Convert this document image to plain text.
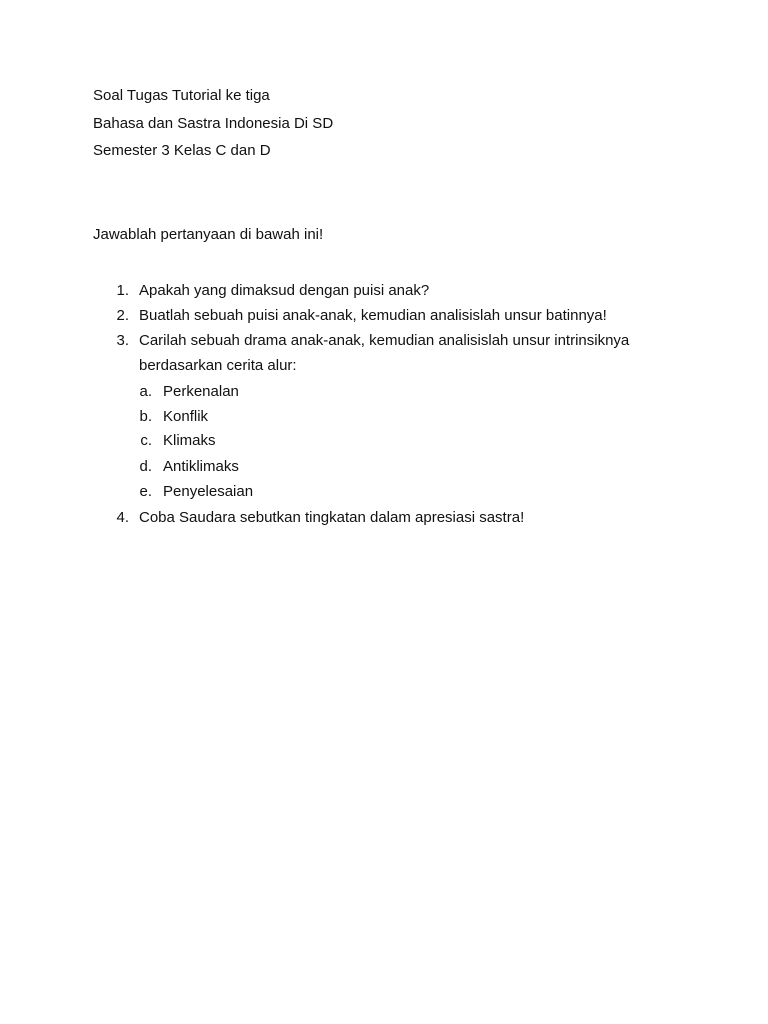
Soal Tugas Tutorial ke tiga
Bahasa dan Sastra Indonesia Di SD
Semester 3 Kelas C dan D
Jawablah pertanyaan di bawah ini!
1. Apakah yang dimaksud dengan puisi anak?
2. Buatlah sebuah puisi anak-anak, kemudian analisislah unsur batinnya!
3. Carilah sebuah drama anak-anak, kemudian analisislah unsur intrinsiknya
berdasarkan cerita alur:
a. Perkenalan
b. Konflik
c. Klimaks
d. Antiklimaks
e. Penyelesaian
4. Coba Saudara sebutkan tingkatan dalam apresiasi sastra!
